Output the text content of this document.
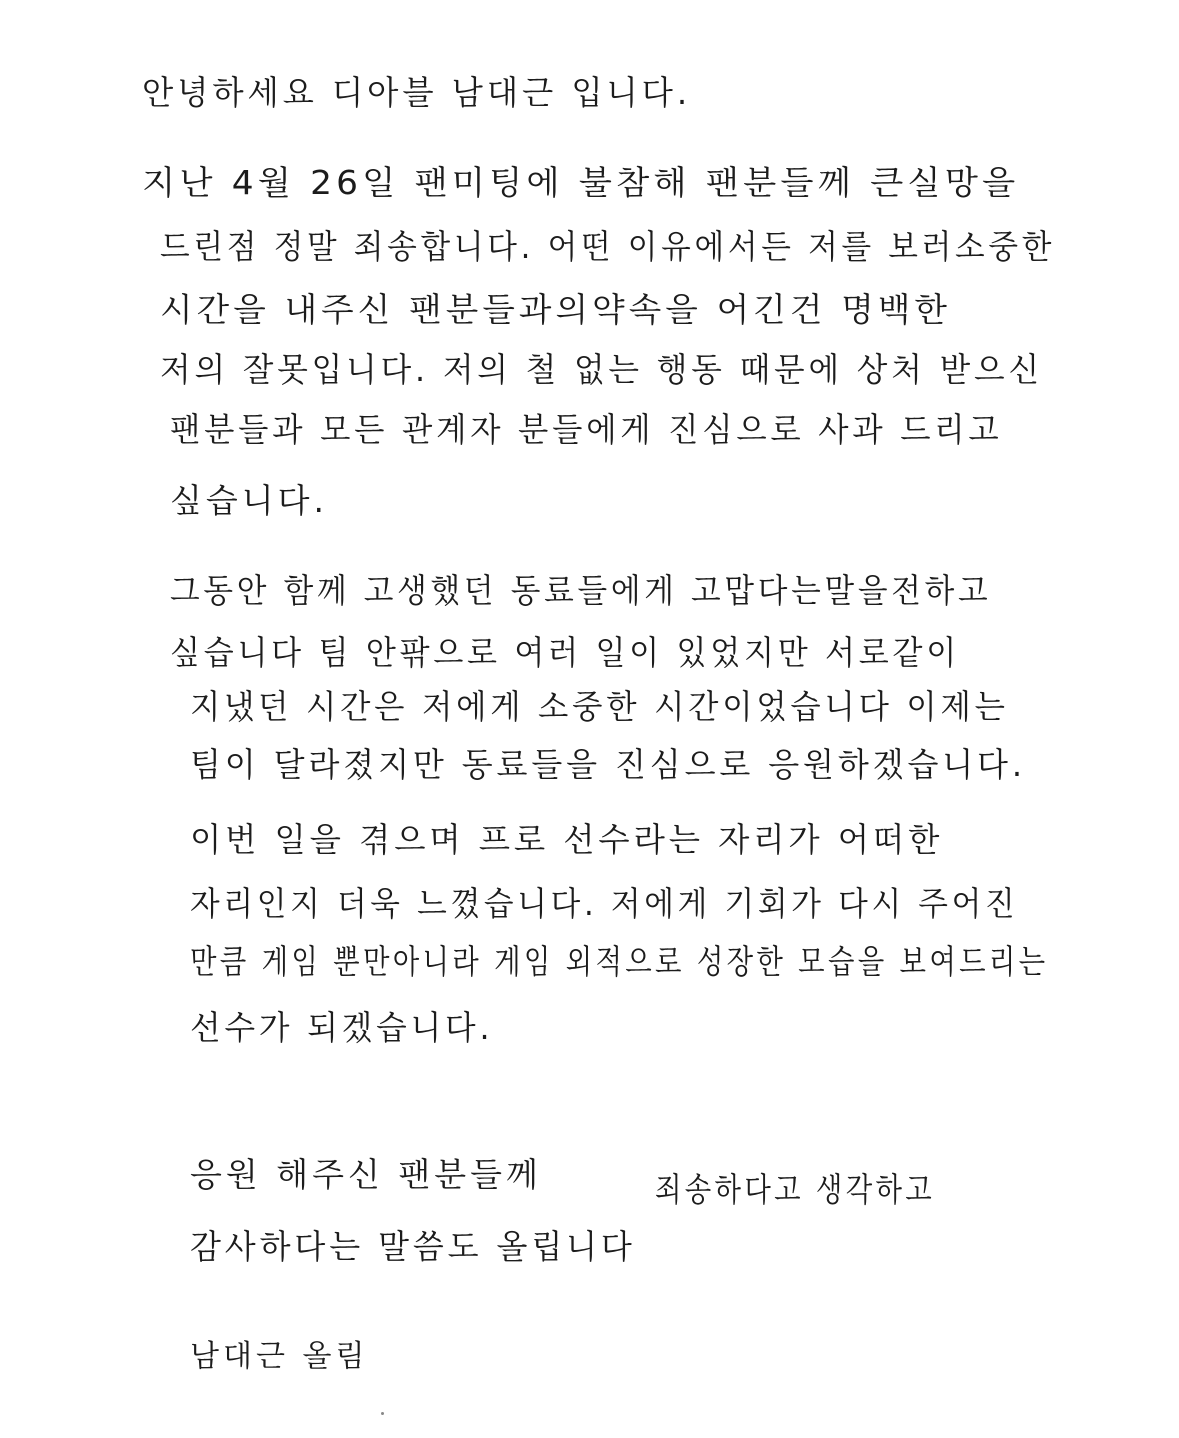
안녕하세요 디아블 남대근 입니다.
지난 4월 26일 팬미팅에 불참해 팬분들께 큰실망을
드린점 정말 죄송합니다. 어떤 이유에서든 저를 보러소중한
시간을 내주신 팬분들과의약속을 어긴건 명백한
저의 잘못입니다. 저의 철 없는 행동 때문에 상처 받으신
팬분들과 모든 관계자 분들에게 진심으로 사과 드리고
싶습니다.
그동안 함께 고생했던 동료들에게 고맙다는말을전하고
싶습니다 팀 안팎으로 여러 일이 있었지만 서로같이
지냈던 시간은 저에게 소중한 시간이었습니다 이제는
팀이 달라졌지만 동료들을 진심으로 응원하겠습니다.
이번 일을 겪으며 프로 선수라는 자리가 어떠한
자리인지 더욱 느꼈습니다. 저에게 기회가 다시 주어진
만큼 게임 뿐만아니라 게임 외적으로 성장한 모습을 보여드리는
선수가 되겠습니다.
응원 해주신 팬분들께	죄송하다고 생각하고
감사하다는 말씀도 올립니다
남대근 올림
